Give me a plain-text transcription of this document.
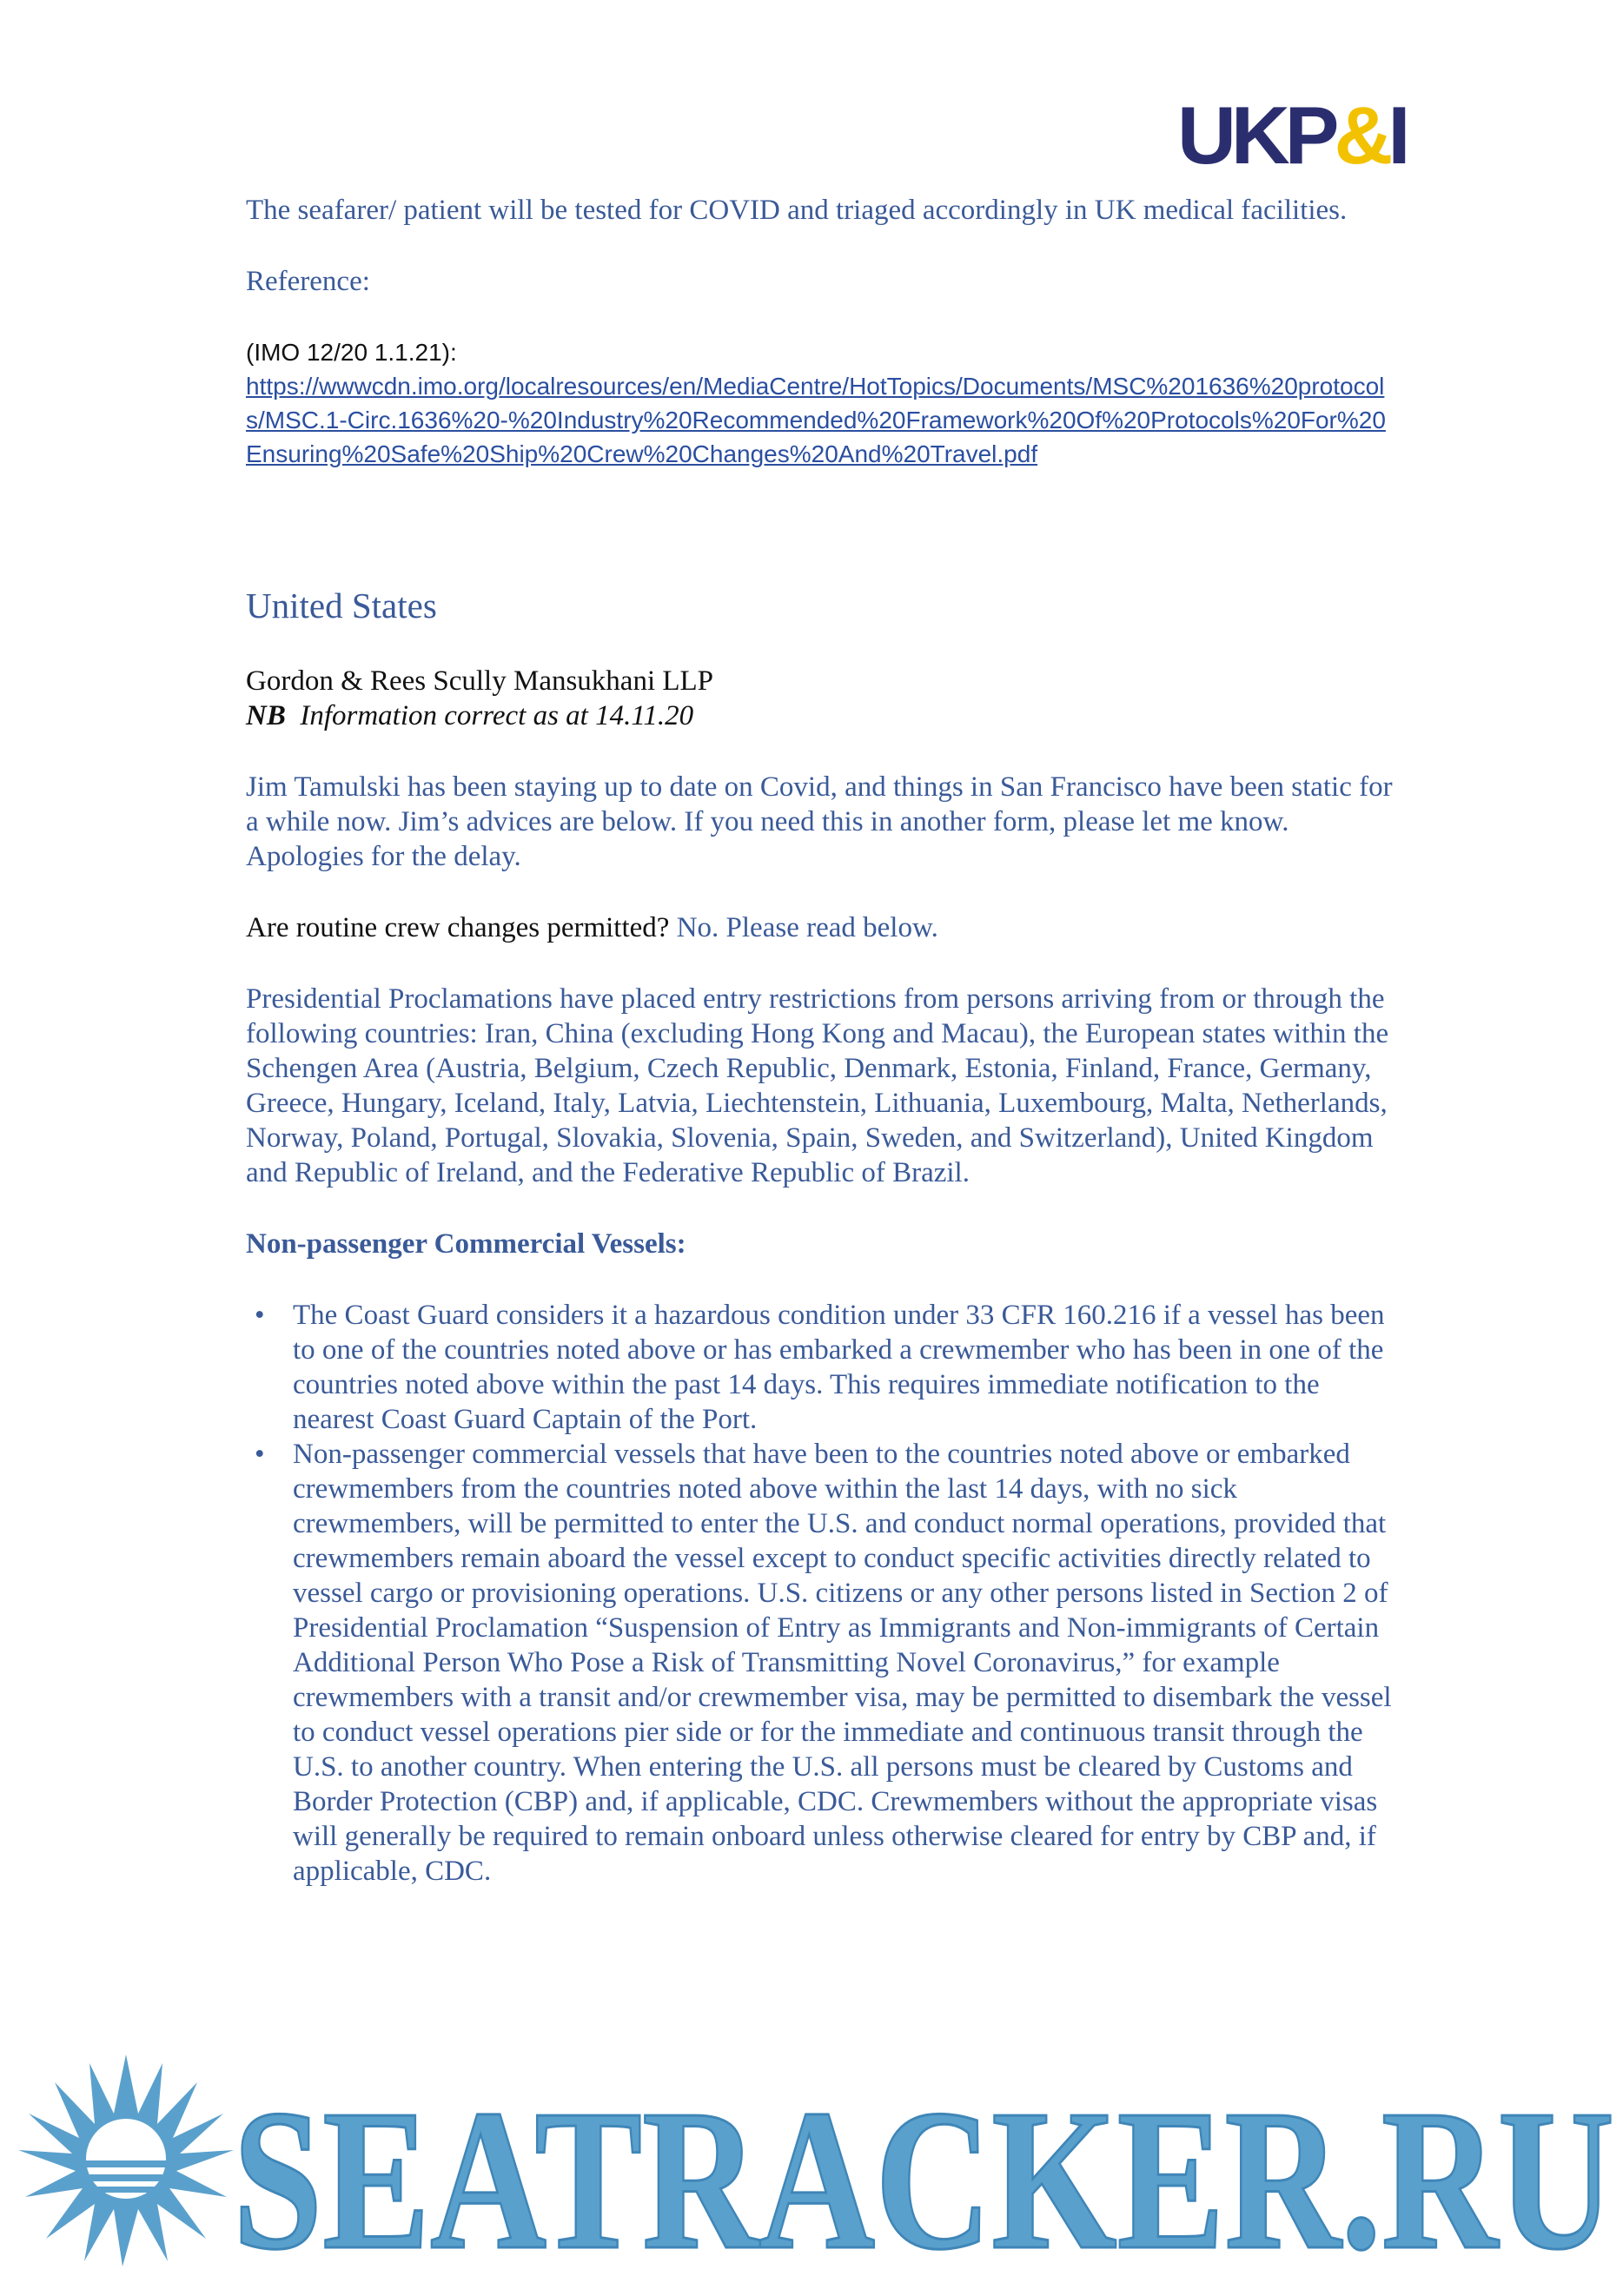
UKP&I

The seafarer/ patient will be tested for COVID and triaged accordingly in UK medical facilities.

Reference:

(IMO 12/20 1.1.21):

https://wwwcdn.imo.org/localresources/en/MediaCentre/HotTopics/Documents/MSC%201636%20protocols/MSC.1-Circ.1636%20-%20Industry%20Recommended%20Framework%20Of%20Protocols%20For%20Ensuring%20Safe%20Ship%20Crew%20Changes%20And%20Travel.pdf

United States

Gordon & Rees Scully Mansukhani LLP

NB Information correct as at 14.11.20

Jim Tamulski has been staying up to date on Covid, and things in San Francisco have been static for a while now. Jim’s advices are below. If you need this in another form, please let me know. Apologies for the delay.

Are routine crew changes permitted? No. Please read below.

Presidential Proclamations have placed entry restrictions from persons arriving from or through the following countries: Iran, China (excluding Hong Kong and Macau), the European states within the Schengen Area (Austria, Belgium, Czech Republic, Denmark, Estonia, Finland, France, Germany, Greece, Hungary, Iceland, Italy, Latvia, Liechtenstein, Lithuania, Luxembourg, Malta, Netherlands, Norway, Poland, Portugal, Slovakia, Slovenia, Spain, Sweden, and Switzerland), United Kingdom and Republic of Ireland, and the Federative Republic of Brazil.

Non-passenger Commercial Vessels:

• The Coast Guard considers it a hazardous condition under 33 CFR 160.216 if a vessel has been to one of the countries noted above or has embarked a crewmember who has been in one of the countries noted above within the past 14 days. This requires immediate notification to the nearest Coast Guard Captain of the Port.
• Non-passenger commercial vessels that have been to the countries noted above or embarked crewmembers from the countries noted above within the last 14 days, with no sick crewmembers, will be permitted to enter the U.S. and conduct normal operations, provided that crewmembers remain aboard the vessel except to conduct specific activities directly related to vessel cargo or provisioning operations. U.S. citizens or any other persons listed in Section 2 of Presidential Proclamation “Suspension of Entry as Immigrants and Non-immigrants of Certain Additional Person Who Pose a Risk of Transmitting Novel Coronavirus,” for example crewmembers with a transit and/or crewmember visa, may be permitted to disembark the vessel to conduct vessel operations pier side or for the immediate and continuous transit through the U.S. to another country. When entering the U.S. all persons must be cleared by Customs and Border Protection (CBP) and, if applicable, CDC. Crewmembers without the appropriate visas will generally be required to remain onboard unless otherwise cleared for entry by CBP and, if applicable, CDC.
SEATRACKER.RU
